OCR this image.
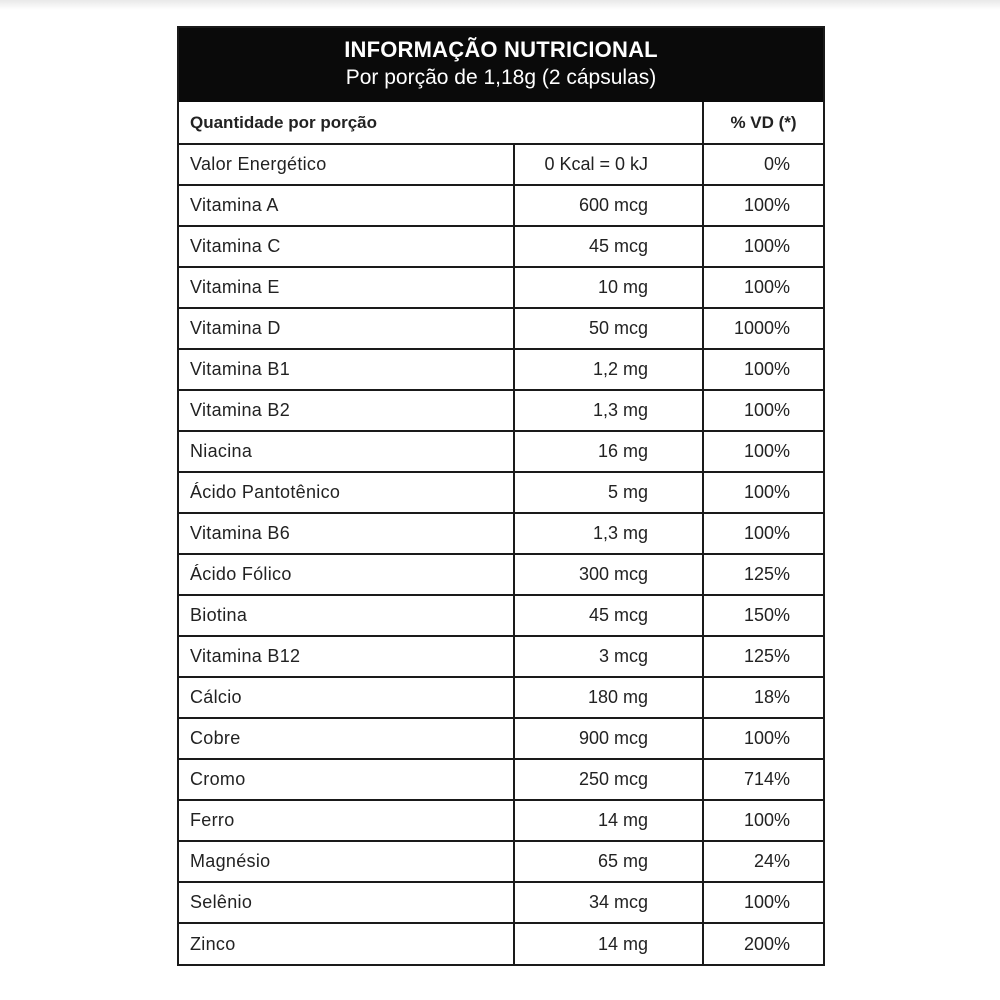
INFORMAÇÃO NUTRICIONAL
Por porção de 1,18g (2 cápsulas)
Quantidade por porção		% VD (*)
Valor Energético	0 Kcal = 0 kJ	0%
Vitamina A	600 mcg	100%
Vitamina C	45 mcg	100%
Vitamina E	10 mg	100%
Vitamina D	50 mcg	1000%
Vitamina B1	1,2 mg	100%
Vitamina B2	1,3 mg	100%
Niacina	16 mg	100%
Ácido Pantotênico	5 mg	100%
Vitamina B6	1,3 mg	100%
Ácido Fólico	300 mcg	125%
Biotina	45 mcg	150%
Vitamina B12	3 mcg	125%
Cálcio	180 mg	18%
Cobre	900 mcg	100%
Cromo	250 mcg	714%
Ferro	14 mg	100%
Magnésio	65 mg	24%
Selênio	34 mcg	100%
Zinco	14 mg	200%
